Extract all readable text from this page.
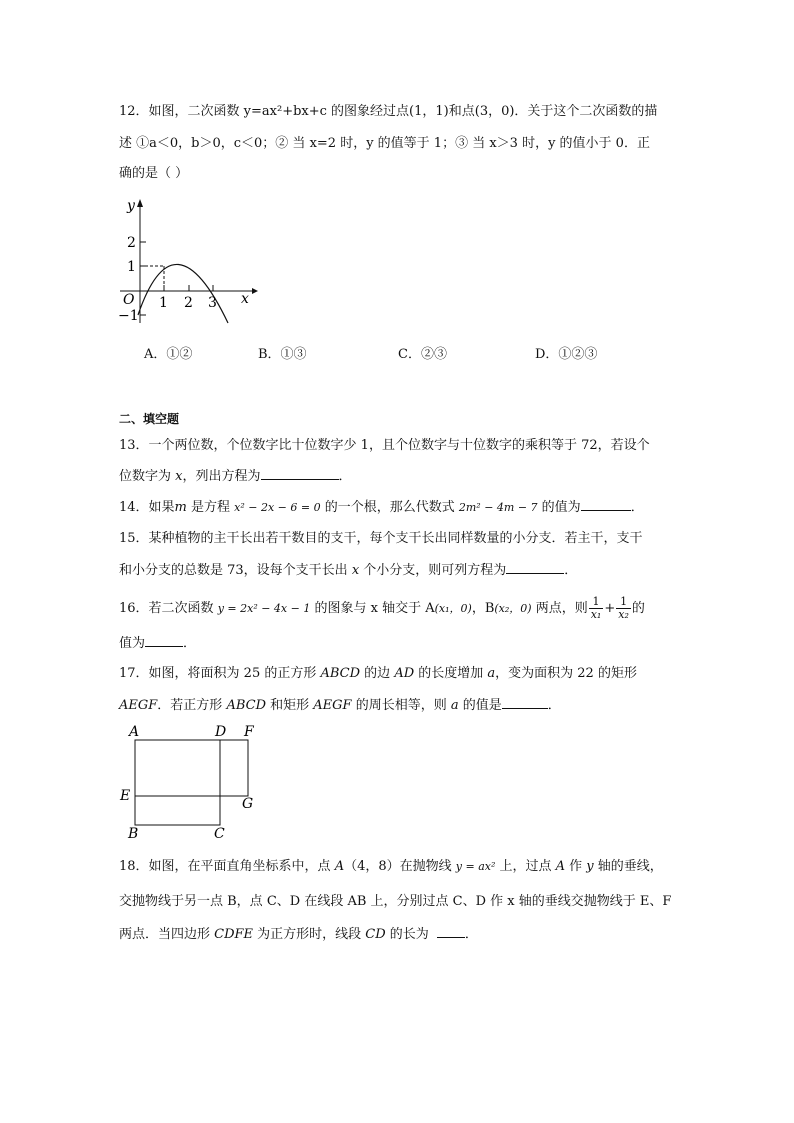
12．如图，二次函数 y=ax²+bx+c 的图象经过点(1，1)和点(3，0)．关于这个二次函数的描
述 ①a＜0，b＞0，c＜0；② 当 x=2 时，y 的值等于 1；③ 当 x＞3 时，y 的值小于 0．正
确的是（ ）
y
x
O
2
1
−1
1 2 3
A．①②	B．①③	C．②③	D．①②③
二、填空题
13．一个两位数，个位数字比十位数字少 1，且个位数字与十位数字的乘积等于 72，若设个
位数字为 x，列出方程为	．
14．如果m 是方程 x² − 2x − 6 = 0 的一个根，那么代数式 2m² − 4m − 7 的值为	．
15．某种植物的主干长出若干数目的支干，每个支干长出同样数量的小分支．若主干，支干
和小分支的总数是 73，设每个支干长出 x 个小分支，则可列方程为	．
16．若二次函数 y = 2x² − 4x − 1 的图象与 x 轴交于 A(x₁，0)，B(x₂，0) 两点，则 $\frac{1}{\text{x₁}} + \frac{1}{\text{x₂}}$ 的
值为	．
17．如图，将面积为 25 的正方形 ABCD 的边 AD 的长度增加 a，变为面积为 22 的矩形
AEGF．若正方形 ABCD 和矩形 AEGF 的周长相等，则 a 的值是	．
A	D F
E	G
B	C
18．如图，在平面直角坐标系中，点 A（4，8）在抛物线 y = ax² 上，过点 A 作 y 轴的垂线，
交抛物线于另一点 B，点 C、D 在线段 AB 上，分别过点 C、D 作 x 轴的垂线交抛物线于 E、F
两点．当四边形 CDFE 为正方形时，线段 CD 的长为	．
